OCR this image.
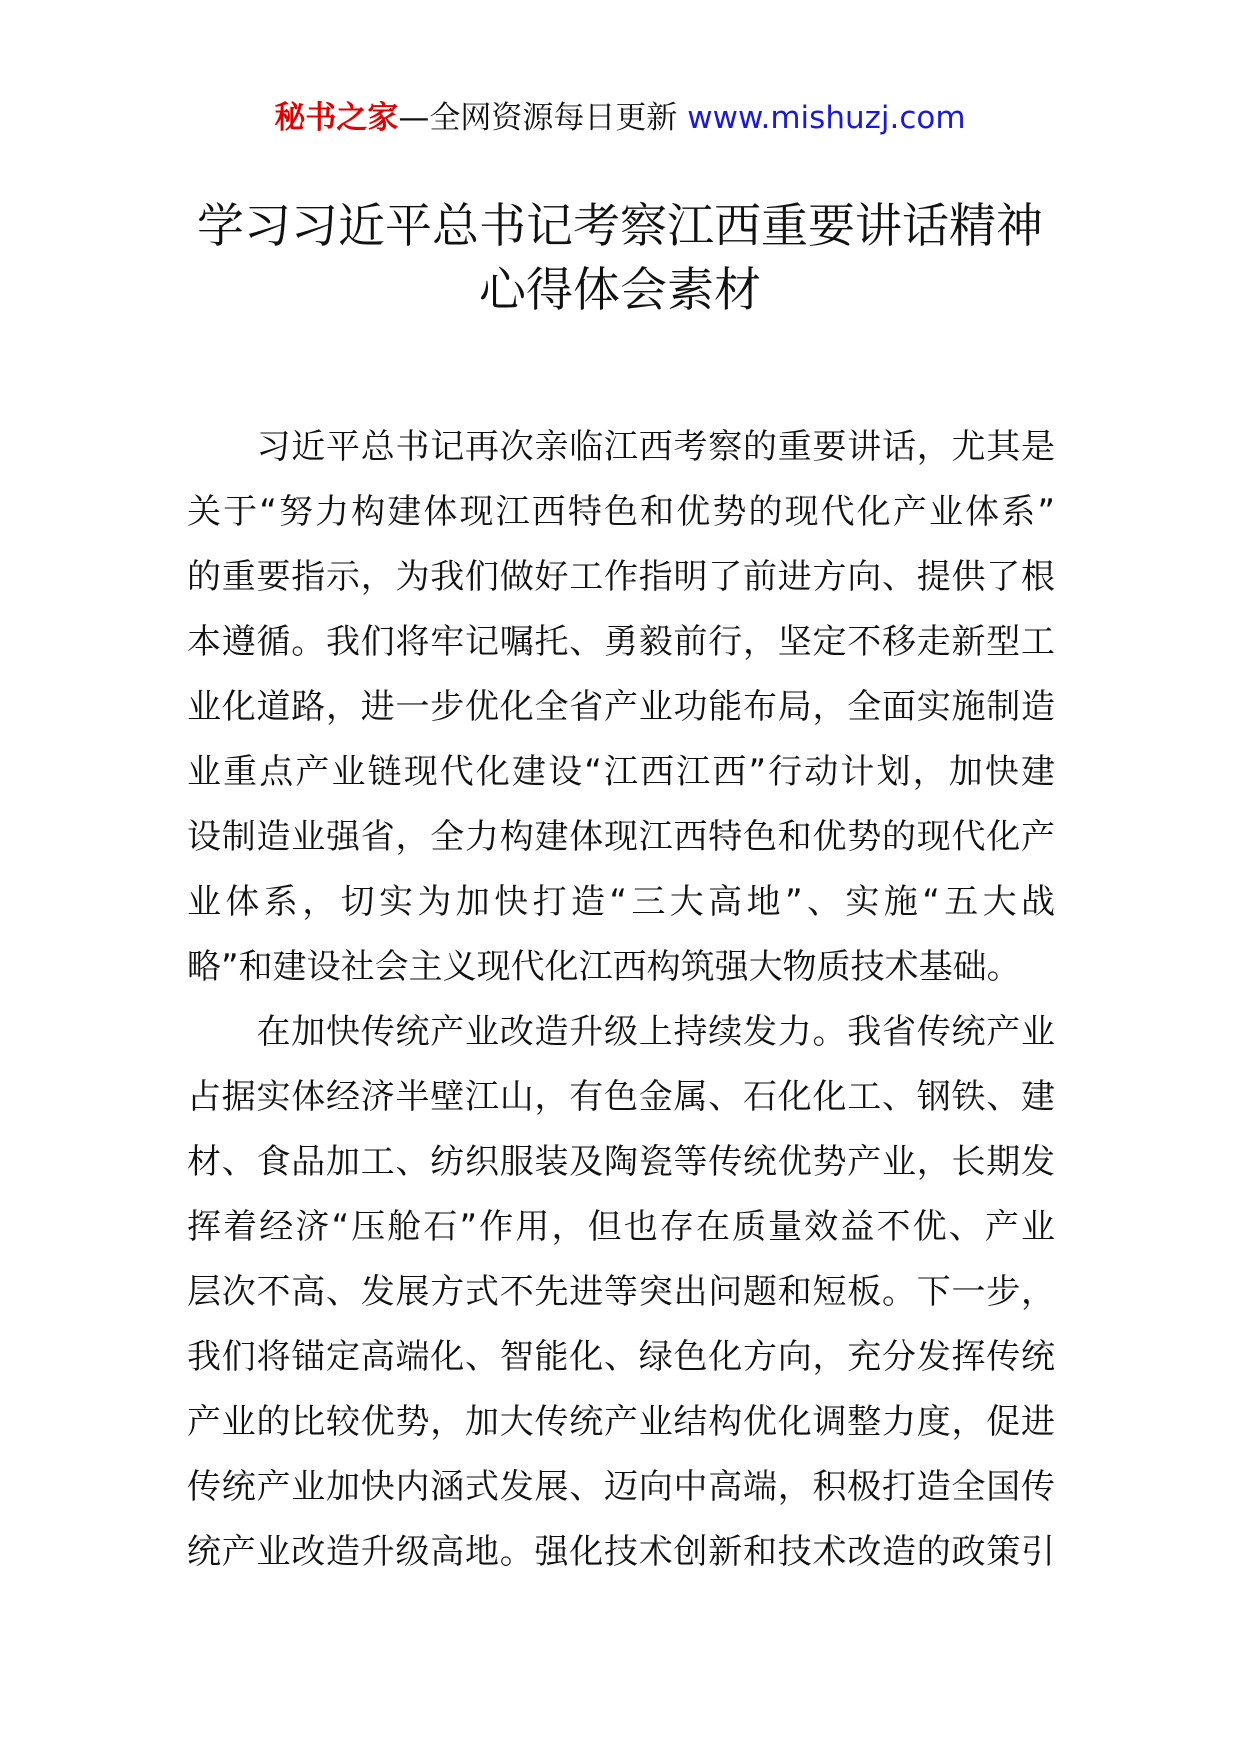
秘书之家—全网资源每日更新 www.mishuzj.com
学习习近平总书记考察江西重要讲话精神
心得体会素材
　　习近平总书记再次亲临江西考察的重要讲话，尤其是
关于“努力构建体现江西特色和优势的现代化产业体系”
的重要指示，为我们做好工作指明了前进方向、提供了根
本遵循。我们将牢记嘱托、勇毅前行，坚定不移走新型工
业化道路，进一步优化全省产业功能布局，全面实施制造
业重点产业链现代化建设“江西江西”行动计划，加快建
设制造业强省，全力构建体现江西特色和优势的现代化产
业体系，切实为加快打造“三大高地”、实施“五大战
略”和建设社会主义现代化江西构筑强大物质技术基础。
　　在加快传统产业改造升级上持续发力。我省传统产业
占据实体经济半壁江山，有色金属、石化化工、钢铁、建
材、食品加工、纺织服装及陶瓷等传统优势产业，长期发
挥着经济“压舱石”作用，但也存在质量效益不优、产业
层次不高、发展方式不先进等突出问题和短板。下一步，
我们将锚定高端化、智能化、绿色化方向，充分发挥传统
产业的比较优势，加大传统产业结构优化调整力度，促进
传统产业加快内涵式发展、迈向中高端，积极打造全国传
统产业改造升级高地。强化技术创新和技术改造的政策引
